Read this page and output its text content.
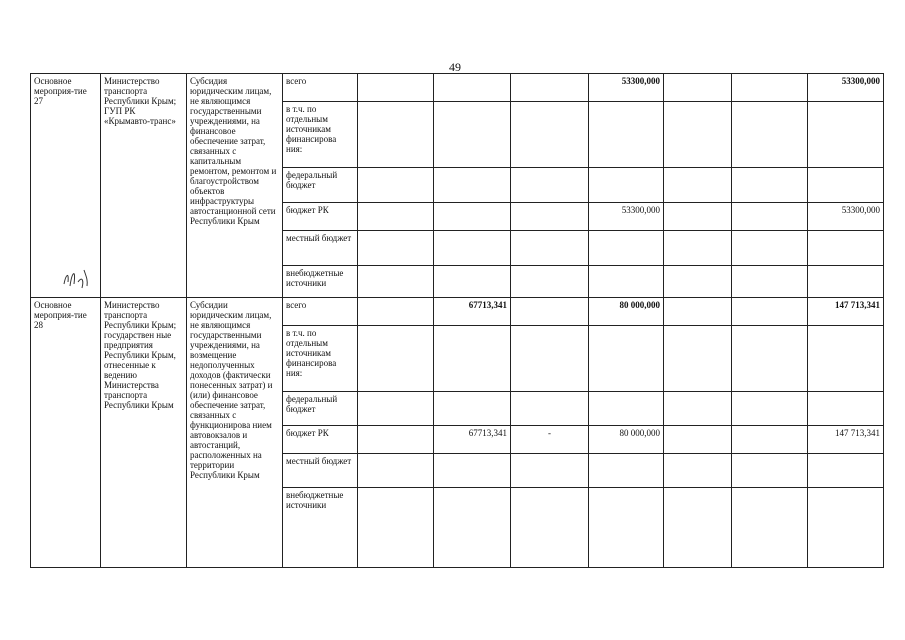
49
Основное мероприя-тие 27	Министерство транспорта Республики Крым; ГУП РК «Крымавто-транс»	Субсидия юридическим лицам, не являющимся государственными учреждениями, на финансовое обеспечение затрат, связанных с капитальным ремонтом, ремонтом и благоустройством объектов инфраструктуры автостанционной сети Республики Крым	всего				53300,000			53300,000
			в т.ч. по отдельным источникам финансирова ния:							
			федеральный бюджет							
			бюджет РК				53300,000			53300,000
			местный бюджет							
			внебюджетные источники							
Основное мероприя-тие 28	Министерство транспорта Республики Крым; государствен ные предприятия Республики Крым, отнесенные к ведению Министерства транспорта Республики Крым	Субсидии юридическим лицам, не являющимся государственными учреждениями, на возмещение недополученных доходов (фактически понесенных затрат) и (или) финансовое обеспечение затрат, связанных с функционирова нием автовокзалов и автостанций, расположенных на территории Республики Крым	всего		67713,341		80 000,000			147 713,341
			в т.ч. по отдельным источникам финансирова ния:							
			федеральный бюджет							
			бюджет РК		67713,341	-	80 000,000			147 713,341
			местный бюджет							
			внебюджетные источники							
